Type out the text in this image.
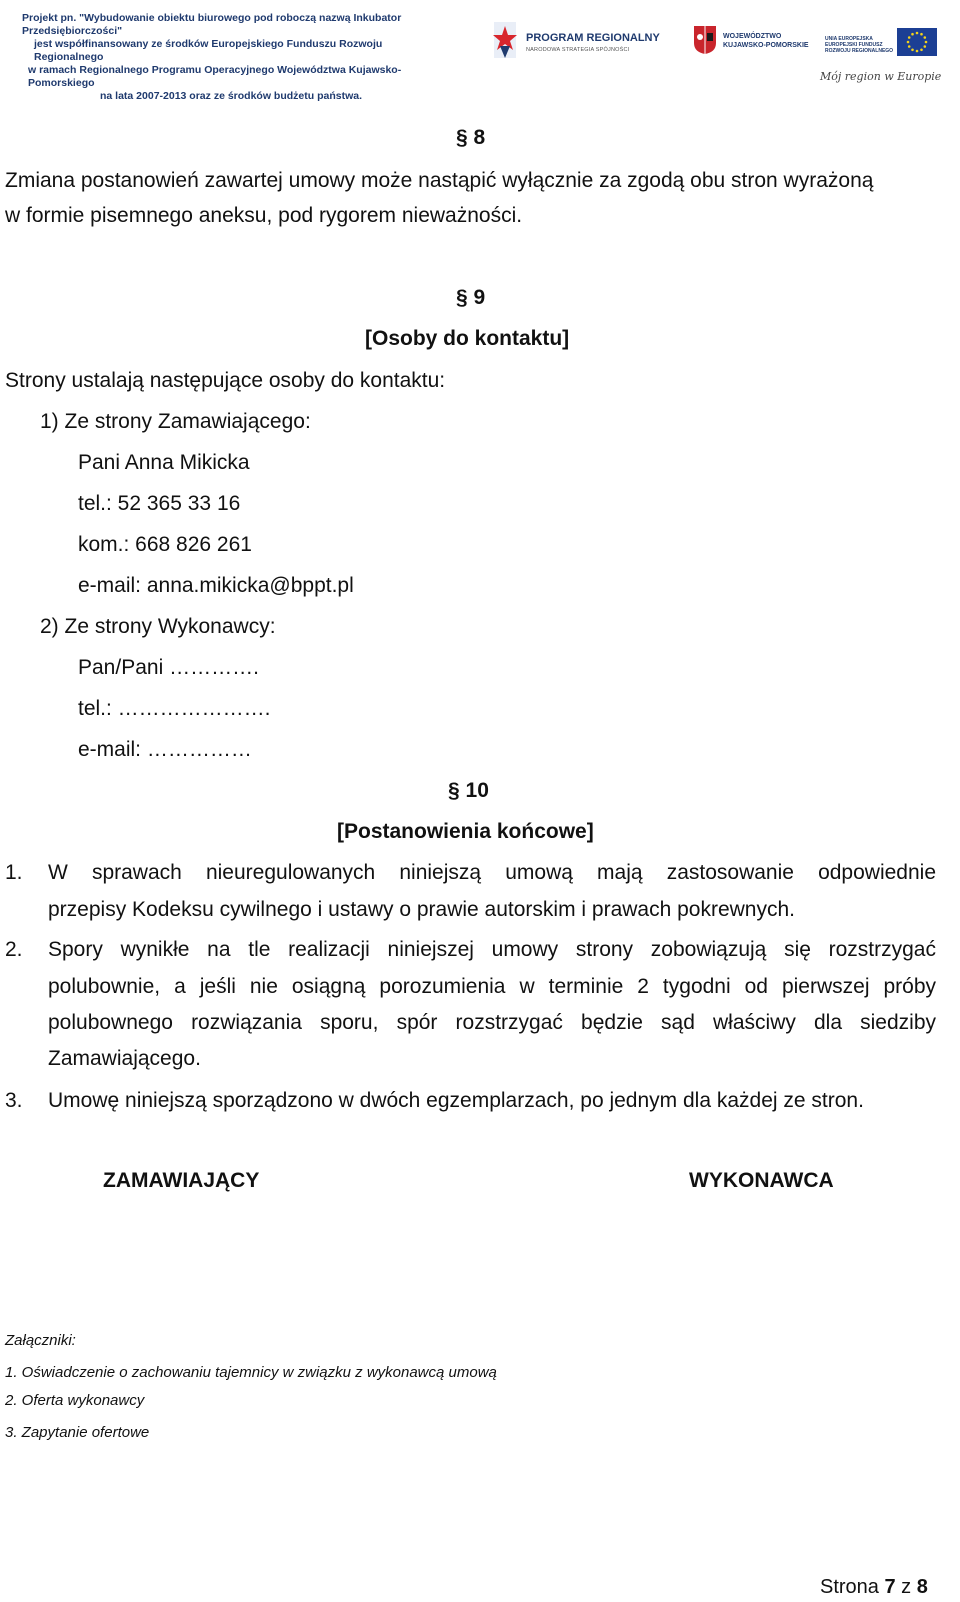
Projekt pn. "Wybudowanie obiektu biurowego pod roboczą nazwą Inkubator Przedsiębiorczości"
jest współfinansowany ze środków Europejskiego Funduszu Rozwoju Regionalnego
w ramach Regionalnego Programu Operacyjnego Województwa Kujawsko-Pomorskiego
na lata 2007-2013 oraz ze środków budżetu państwa.
PROGRAM REGIONALNY
NARODOWA STRATEGIA SPÓJNOŚCI
WOJEWÓDZTWO
KUJAWSKO-POMORSKIE
UNIA EUROPEJSKA EUROPEJSKI FUNDUSZ ROZWOJU REGIONALNEGO
Mój region w Europie
§ 8
Zmiana postanowień zawartej umowy może nastąpić wyłącznie za zgodą obu stron wyrażoną
w formie pisemnego aneksu, pod rygorem nieważności.
§ 9
[Osoby do kontaktu]
Strony ustalają następujące osoby do kontaktu:
1) Ze strony Zamawiającego:
Pani Anna Mikicka
tel.: 52 365 33 16
kom.: 668 826 261
e-mail: anna.mikicka@bppt.pl
2) Ze strony Wykonawcy:
Pan/Pani ………….
tel.: ………………….
e-mail: ……………
§ 10
[Postanowienia końcowe]
1. W sprawach nieuregulowanych niniejszą umową mają zastosowanie odpowiednie
przepisy Kodeksu cywilnego i ustawy o prawie autorskim i prawach pokrewnych.
2. Spory wynikłe na tle realizacji niniejszej umowy strony zobowiązują się rozstrzygać
polubownie, a jeśli nie osiągną porozumienia w terminie 2 tygodni od pierwszej próby
polubownego rozwiązania sporu, spór rozstrzygać będzie sąd właściwy dla siedziby
Zamawiającego.
3. Umowę niniejszą sporządzono w dwóch egzemplarzach, po jednym dla każdej ze stron.
ZAMAWIAJĄCY	WYKONAWCA
Załączniki:
1. Oświadczenie o zachowaniu tajemnicy w związku z wykonawcą umową
2. Oferta wykonawcy
3. Zapytanie ofertowe
Strona 7 z 8
